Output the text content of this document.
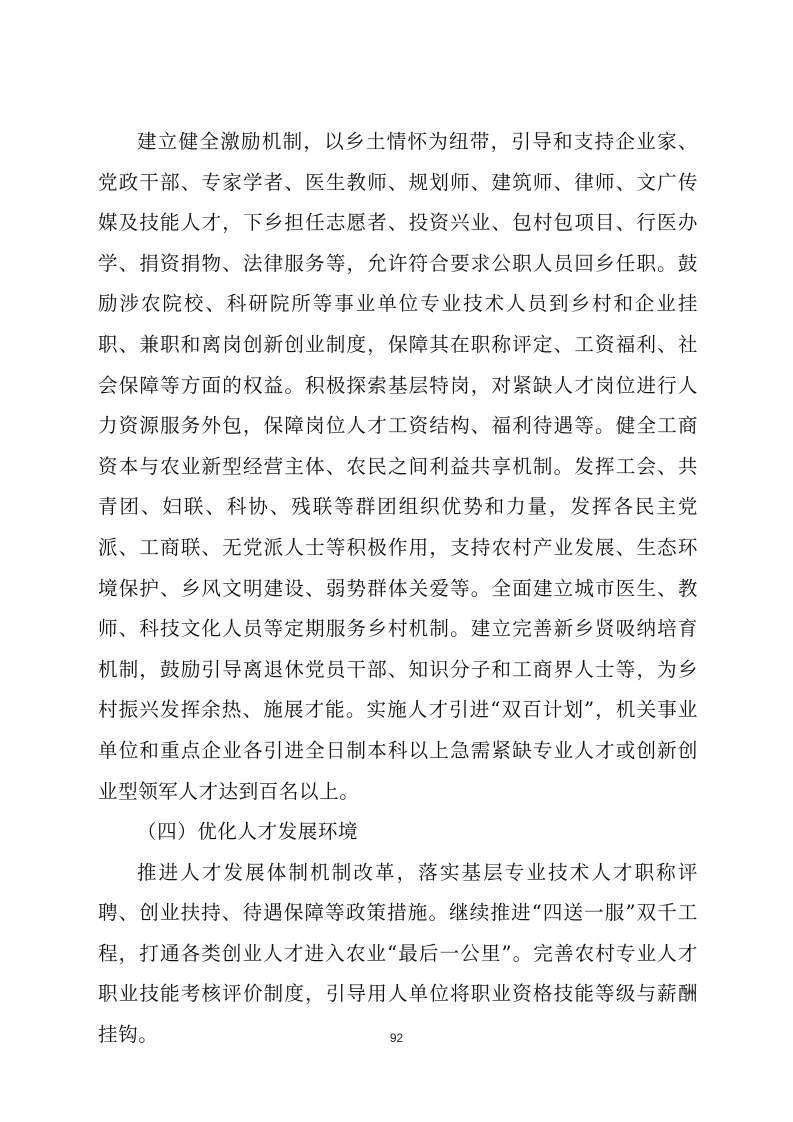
建立健全激励机制，以乡土情怀为纽带，引导和支持企业家、党政干部、专家学者、医生教师、规划师、建筑师、律师、文广传媒及技能人才，下乡担任志愿者、投资兴业、包村包项目、行医办学、捐资捐物、法律服务等，允许符合要求公职人员回乡任职。鼓励涉农院校、科研院所等事业单位专业技术人员到乡村和企业挂职、兼职和离岗创新创业制度，保障其在职称评定、工资福利、社会保障等方面的权益。积极探索基层特岗，对紧缺人才岗位进行人力资源服务外包，保障岗位人才工资结构、福利待遇等。健全工商资本与农业新型经营主体、农民之间利益共享机制。发挥工会、共青团、妇联、科协、残联等群团组织优势和力量，发挥各民主党派、工商联、无党派人士等积极作用，支持农村产业发展、生态环境保护、乡风文明建设、弱势群体关爱等。全面建立城市医生、教师、科技文化人员等定期服务乡村机制。建立完善新乡贤吸纳培育机制，鼓励引导离退休党员干部、知识分子和工商界人士等，为乡村振兴发挥余热、施展才能。实施人才引进“双百计划”，机关事业单位和重点企业各引进全日制本科以上急需紧缺专业人才或创新创业型领军人才达到百名以上。

（四）优化人才发展环境

推进人才发展体制机制改革，落实基层专业技术人才职称评聘、创业扶持、待遇保障等政策措施。继续推进“四送一服”双千工程，打通各类创业人才进入农业“最后一公里”。完善农村专业人才职业技能考核评价制度，引导用人单位将职业资格技能等级与薪酬挂钩。	92
